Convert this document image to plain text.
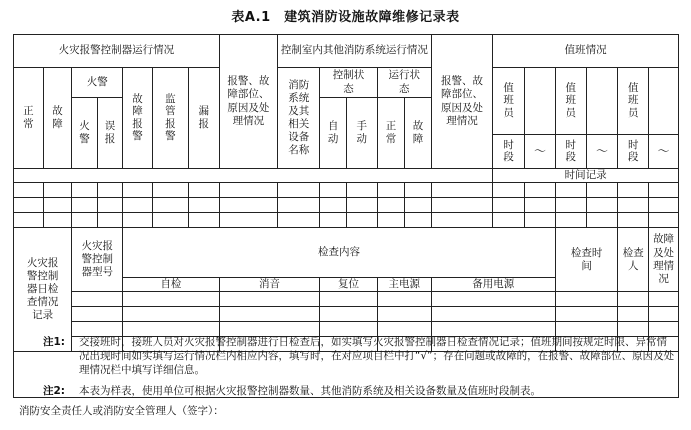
表A.1　建筑消防设施故障维修记录表
火灾报警控制器运行情况							报警、故障部位、原因及处理情况	控制室内其他消防系统运行情况					报警、故障部位、原因及处理情况	值班情况					
正常	故障	火警		故障报警	监管报警	漏报		消防系统及其相关设备名称	控制状态		运行状态			值班员		值班员		值班员	
		火警	误报						自动	手动	正常	故障							
														时段	～	时段	～	时段	～
														时间记录					

火灾报警控制器日检查情况记录		火灾报警控制器型号		检查内容												检查时间		检查人	故障及处理情况
				自检			消音		复位		主电源		备用电源						

注1: 交接班时，接班人员对火灾报警控制器进行日检查后，如实填写火灾报警控制器日检查情况记录；值班期间按规定时限、异常情况出现时间如实填写运行情况栏内相应内容，填写时，在对应项目栏中打“√”；存在问题或故障的，在报警、故障部位、原因及处理情况栏中填写详细信息。
注2: 本表为样表，使用单位可根据火灾报警控制器数量、其他消防系统及相关设备数量及值班时段制表。
消防安全责任人或消防安全管理人（签字）：
